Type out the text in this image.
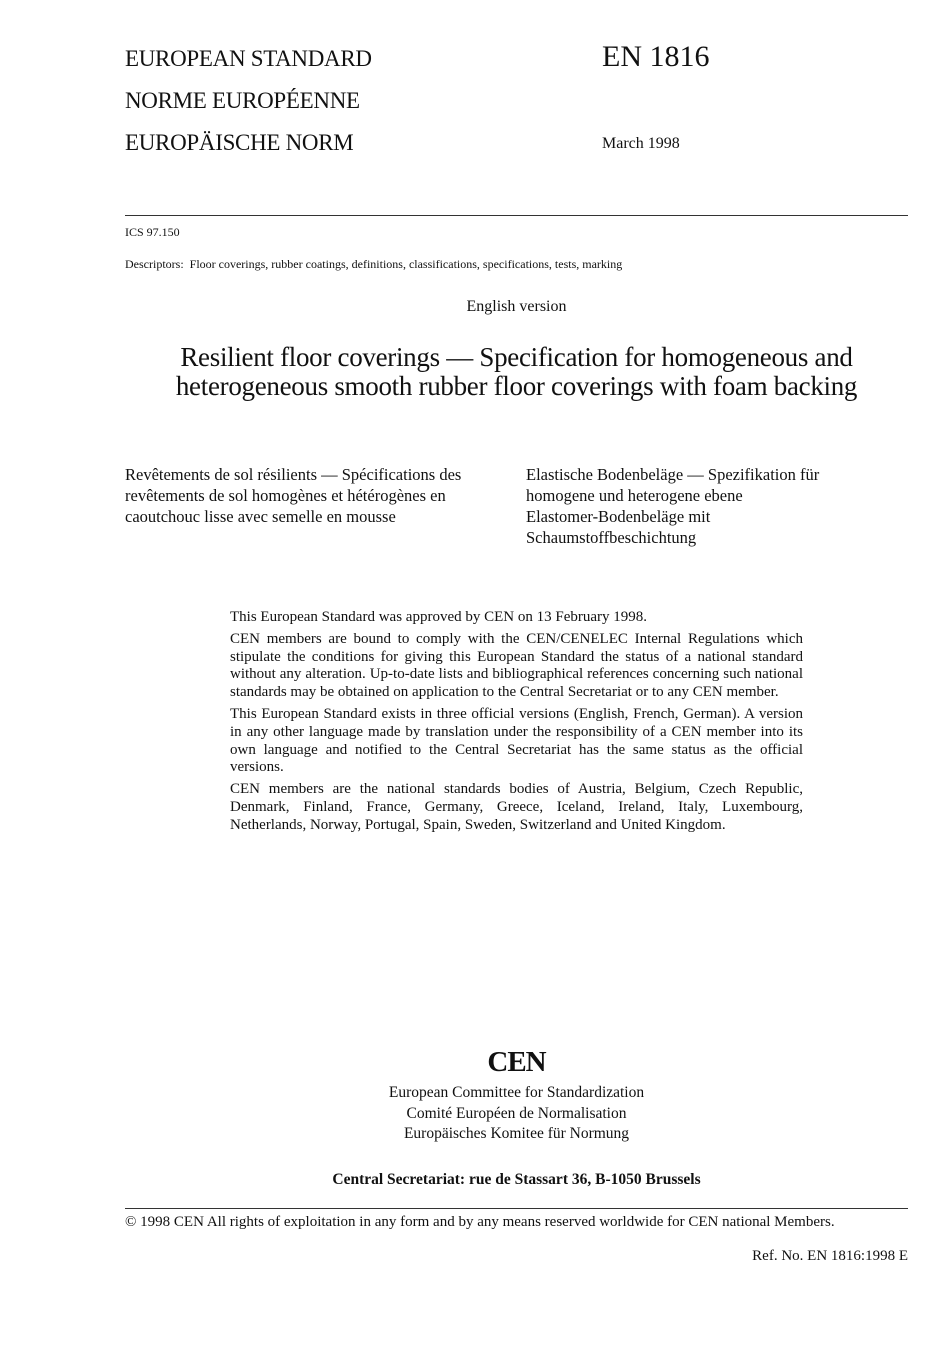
EUROPEAN STANDARD
NORME EUROPÉENNE
EUROPÄISCHE NORM
EN 1816
March 1998
ICS 97.150
Descriptors:  Floor coverings, rubber coatings, definitions, classifications, specifications, tests, marking
English version
Resilient floor coverings — Specification for homogeneous and
heterogeneous smooth rubber floor coverings with foam backing
Revêtements de sol résilients — Spécifications des
revêtements de sol homogènes et hétérogènes en
caoutchouc lisse avec semelle en mousse
Elastische Bodenbeläge — Spezifikation für
homogene und heterogene ebene
Elastomer-Bodenbeläge mit
Schaumstoffbeschichtung

This European Standard was approved by CEN on 13 February 1998.

CEN members are bound to comply with the CEN/CENELEC Internal Regulations which stipulate the conditions for giving this European Standard the status of a national standard without any alteration. Up-to-date lists and bibliographical references concerning such national standards may be obtained on application to the Central Secretariat or to any CEN member.

This European Standard exists in three official versions (English, French, German). A version in any other language made by translation under the responsibility of a CEN member into its own language and notified to the Central Secretariat has the same status as the official versions.

CEN members are the national standards bodies of Austria, Belgium, Czech Republic, Denmark, Finland, France, Germany, Greece, Iceland, Ireland, Italy, Luxembourg, Netherlands, Norway, Portugal, Spain, Sweden, Switzerland and United Kingdom.

CEN
European Committee for Standardization
Comité Européen de Normalisation
Europäisches Komitee für Normung
Central Secretariat: rue de Stassart 36, B-1050 Brussels
© 1998 CEN All rights of exploitation in any form and by any means reserved worldwide for CEN national Members.
Ref. No. EN 1816:1998 E
